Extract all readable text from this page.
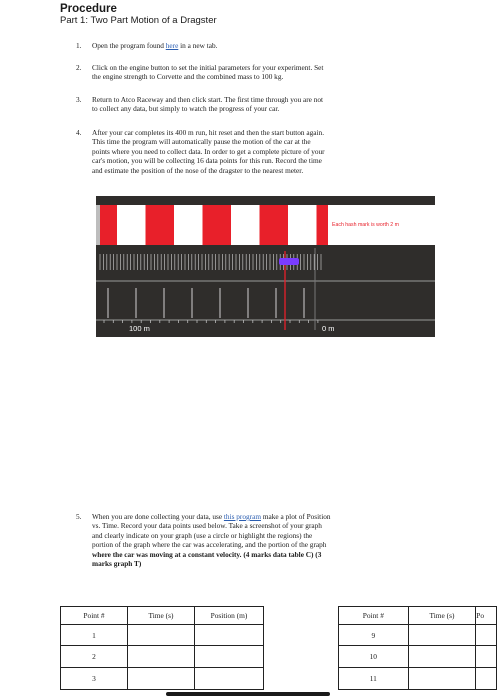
Procedure
Part 1: Two Part Motion of a Dragster
1. Open the program found here in a new tab.
2. Click on the engine button to set the initial parameters for your experiment. Set
the engine strength to Corvette and the combined mass to 100 kg.
3. Return to Atco Raceway and then click start. The first time through you are not
to collect any data, but simply to watch the progress of your car.
4. After your car completes its 400 m run, hit reset and then the start button again.
This time the program will automatically pause the motion of the car at the
points where you need to collect data. In order to get a complete picture of your
car's motion, you will be collecting 16 data points for this run. Record the time
and estimate the position of the nose of the dragster to the nearest meter.
Each hash mark is worth 2 m
100 m	0 m
5. When you are done collecting your data, use this program make a plot of Position
vs. Time. Record your data points used below. Take a screenshot of your graph
and clearly indicate on your graph (use a circle or highlight the regions) the
portion of the graph where the car was accelerating, and the portion of the graph
where the car was moving at a constant velocity. (4 marks data table C) (3
marks graph T)
Point #	Time (s)	Position (m)
1		
2		
3		
Point #	Time (s)	Po
9		
10		
11		
